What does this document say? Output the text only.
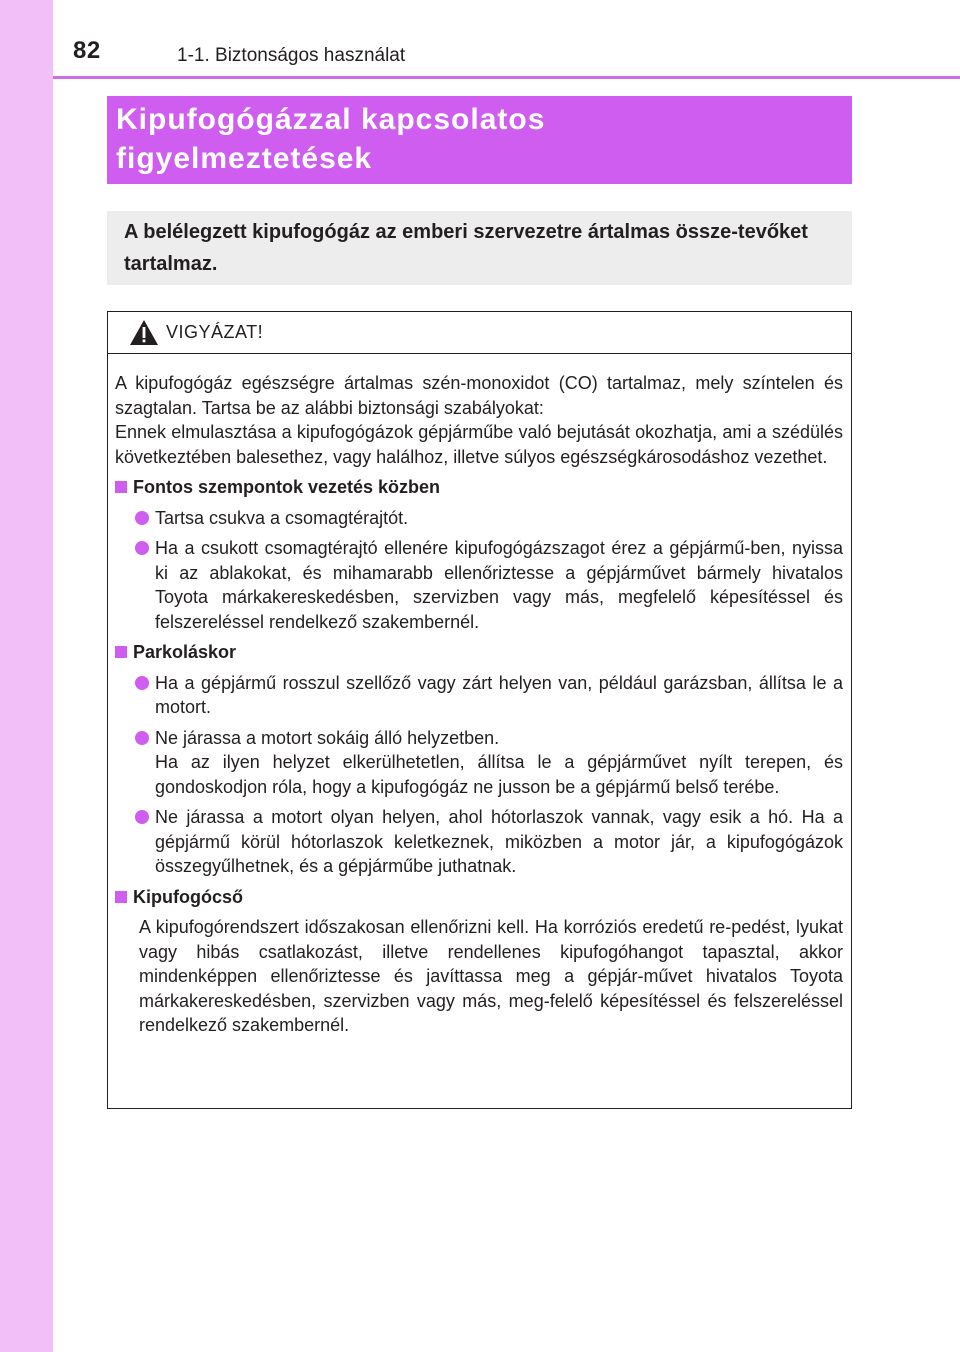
82	1-1. Biztonságos használat
Kipufogógázzal kapcsolatos
figyelmeztetések

A belélegzett kipufogógáz az emberi szervezetre ártalmas össze-tevőket tartalmaz.

VIGYÁZAT!

A kipufogógáz egészségre ártalmas szén-monoxidot (CO) tartalmaz, mely színtelen és szagtalan. Tartsa be az alábbi biztonsági szabályokat:

Ennek elmulasztása a kipufogógázok gépjárműbe való bejutását okozhatja, ami a szédülés következtében balesethez, vagy halálhoz, illetve súlyos egészségkárosodáshoz vezethet.

Fontos szempontok vezetés közben
Tartsa csukva a csomagtérajtót.
Ha a csukott csomagtérajtó ellenére kipufogógázszagot érez a gépjármű-ben, nyissa ki az ablakokat, és mihamarabb ellenőriztesse a gépjárművet bármely hivatalos Toyota márkakereskedésben, szervizben vagy más, megfelelő képesítéssel és felszereléssel rendelkező szakembernél.
Parkoláskor
Ha a gépjármű rosszul szellőző vagy zárt helyen van, például garázsban, állítsa le a motort.
Ne járassa a motort sokáig álló helyzetben.
Ha az ilyen helyzet elkerülhetetlen, állítsa le a gépjárművet nyílt terepen, és gondoskodjon róla, hogy a kipufogógáz ne jusson be a gépjármű belső terébe.
Ne járassa a motort olyan helyen, ahol hótorlaszok vannak, vagy esik a hó. Ha a gépjármű körül hótorlaszok keletkeznek, miközben a motor jár, a kipufogógázok összegyűlhetnek, és a gépjárműbe juthatnak.
Kipufogócső

A kipufogórendszert időszakosan ellenőrizni kell. Ha korróziós eredetű re-pedést, lyukat vagy hibás csatlakozást, illetve rendellenes kipufogóhangot tapasztal, akkor mindenképpen ellenőriztesse és javíttassa meg a gépjár-művet hivatalos Toyota márkakereskedésben, szervizben vagy más, meg-felelő képesítéssel és felszereléssel rendelkező szakembernél.
